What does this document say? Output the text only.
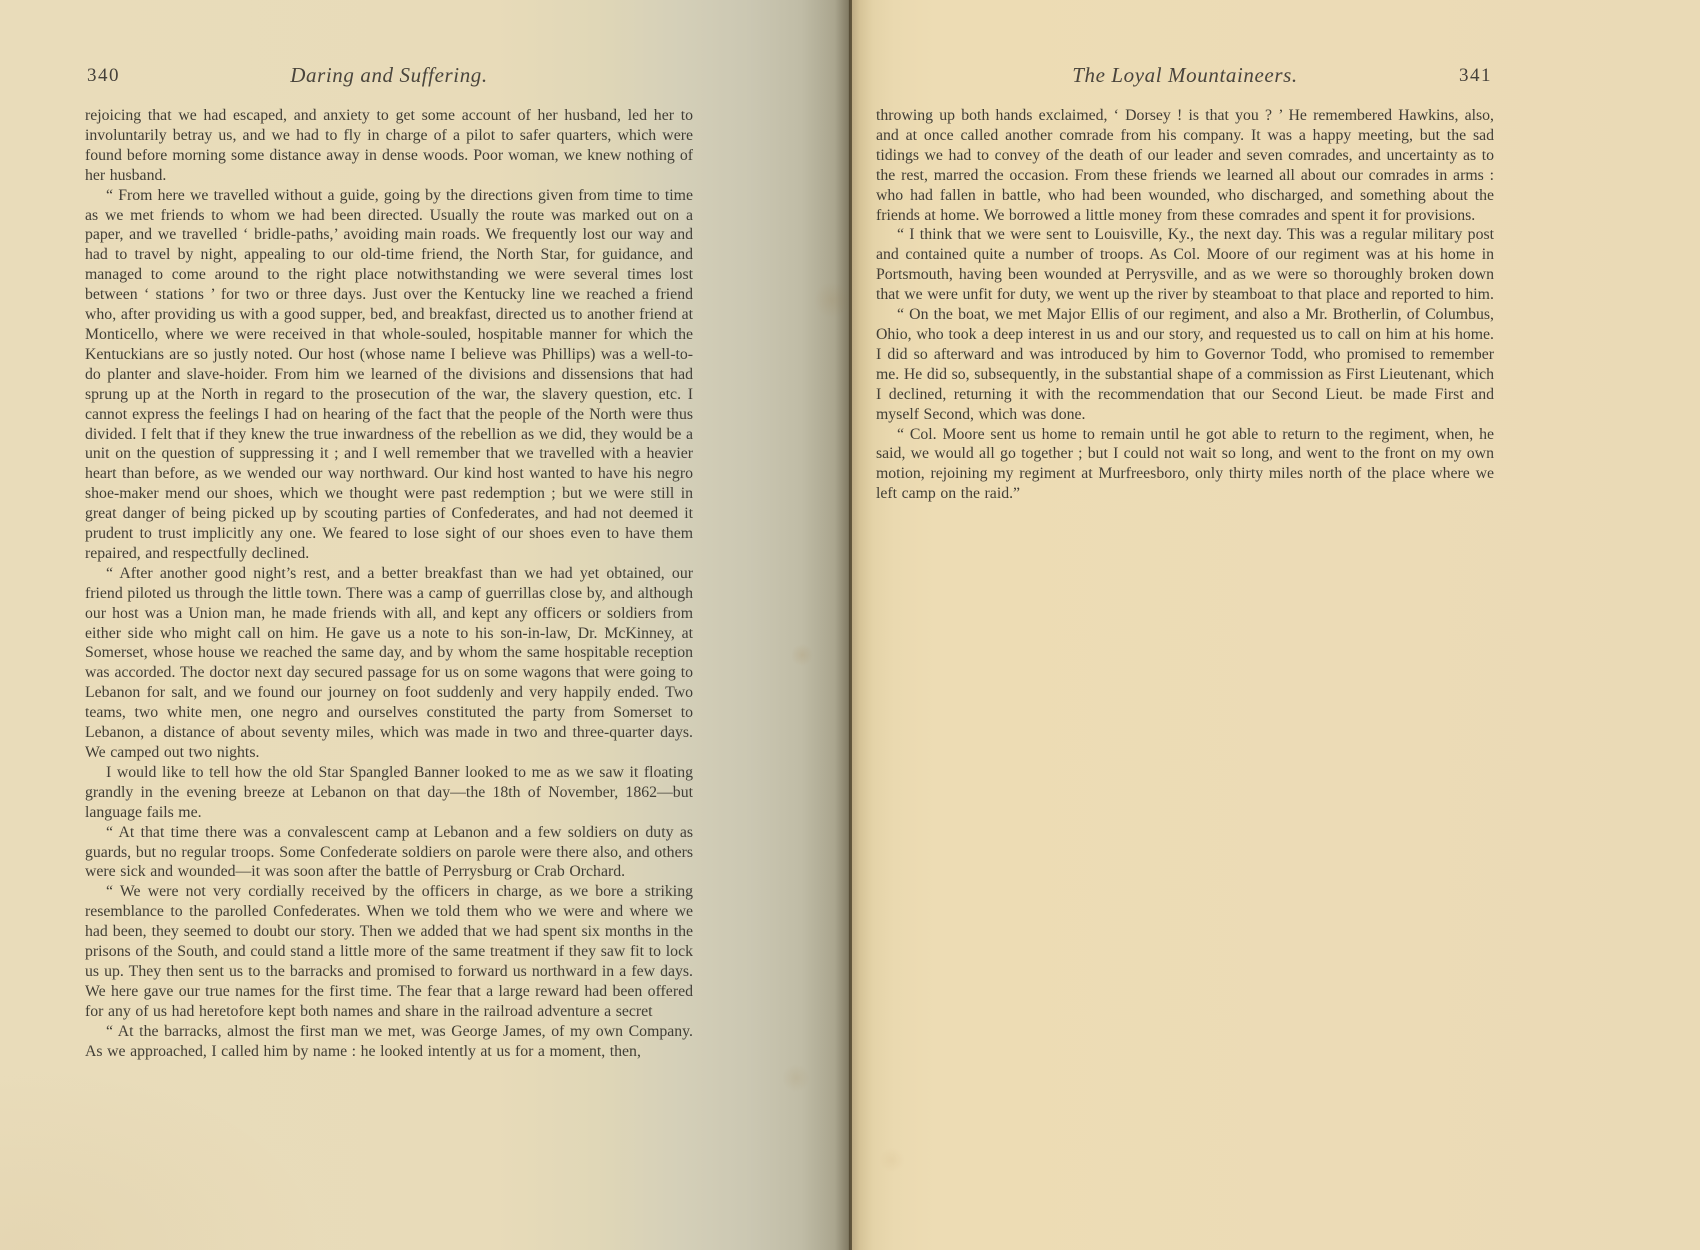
340	Daring and Suffering.

rejoicing that we had escaped, and anxiety to get some account of her husband, led her to involuntarily betray us, and we had to fly in charge of a pilot to safer quarters, which were found before morning some distance away in dense woods. Poor woman, we knew nothing of her husband.

“ From here we travelled without a guide, going by the directions given from time to time as we met friends to whom we had been directed. Usually the route was marked out on a paper, and we travelled ‘ bridle-paths,’ avoiding main roads. We frequently lost our way and had to travel by night, appealing to our old-time friend, the North Star, for guidance, and managed to come around to the right place notwithstanding we were several times lost between ‘ stations ’ for two or three days. Just over the Kentucky line we reached a friend who, after providing us with a good supper, bed, and breakfast, directed us to another friend at Monticello, where we were received in that whole-souled, hospitable manner for which the Kentuckians are so justly noted. Our host (whose name I believe was Phillips) was a well-to-do planter and slave-hoider. From him we learned of the divisions and dissensions that had sprung up at the North in regard to the prosecution of the war, the slavery question, etc. I cannot express the feelings I had on hearing of the fact that the people of the North were thus divided. I felt that if they knew the true inwardness of the rebellion as we did, they would be a unit on the question of suppressing it ; and I well remember that we travelled with a heavier heart than before, as we wended our way northward. Our kind host wanted to have his negro shoe-maker mend our shoes, which we thought were past redemption ; but we were still in great danger of being picked up by scouting parties of Confederates, and had not deemed it prudent to trust implicitly any one. We feared to lose sight of our shoes even to have them repaired, and respectfully declined.

“ After another good night’s rest, and a better breakfast than we had yet obtained, our friend piloted us through the little town. There was a camp of guerrillas close by, and although our host was a Union man, he made friends with all, and kept any officers or soldiers from either side who might call on him. He gave us a note to his son-in-law, Dr. McKinney, at Somerset, whose house we reached the same day, and by whom the same hospitable reception was accorded. The doctor next day secured passage for us on some wagons that were going to Lebanon for salt, and we found our journey on foot suddenly and very happily ended. Two teams, two white men, one negro and ourselves constituted the party from Somerset to Lebanon, a distance of about seventy miles, which was made in two and three-quarter days. We camped out two nights.

I would like to tell how the old Star Spangled Banner looked to me as we saw it floating grandly in the evening breeze at Lebanon on that day—the 18th of November, 1862—but language fails me.

“ At that time there was a convalescent camp at Lebanon and a few soldiers on duty as guards, but no regular troops. Some Confederate soldiers on parole were there also, and others were sick and wounded—it was soon after the battle of Perrysburg or Crab Orchard.

“ We were not very cordially received by the officers in charge, as we bore a striking resemblance to the parolled Confederates. When we told them who we were and where we had been, they seemed to doubt our story. Then we added that we had spent six months in the prisons of the South, and could stand a little more of the same treatment if they saw fit to lock us up. They then sent us to the barracks and promised to forward us northward in a few days. We here gave our true names for the first time. The fear that a large reward had been offered for any of us had heretofore kept both names and share in the railroad adventure a secret

“ At the barracks, almost the first man we met, was George James, of my own Company. As we approached, I called him by name : he looked intently at us for a moment, then,

The Loyal Mountaineers.	341

throwing up both hands exclaimed, ‘ Dorsey ! is that you ? ’ He remembered Hawkins, also, and at once called another comrade from his company. It was a happy meeting, but the sad tidings we had to convey of the death of our leader and seven comrades, and uncertainty as to the rest, marred the occasion. From these friends we learned all about our comrades in arms : who had fallen in battle, who had been wounded, who discharged, and something about the friends at home. We borrowed a little money from these comrades and spent it for provisions.

“ I think that we were sent to Louisville, Ky., the next day. This was a regular military post and contained quite a number of troops. As Col. Moore of our regiment was at his home in Portsmouth, having been wounded at Perrysville, and as we were so thoroughly broken down that we were unfit for duty, we went up the river by steamboat to that place and reported to him.

“ On the boat, we met Major Ellis of our regiment, and also a Mr. Brotherlin, of Columbus, Ohio, who took a deep interest in us and our story, and requested us to call on him at his home. I did so afterward and was introduced by him to Governor Todd, who promised to remember me. He did so, subsequently, in the substantial shape of a commission as First Lieutenant, which I declined, returning it with the recommendation that our Second Lieut. be made First and myself Second, which was done.

“ Col. Moore sent us home to remain until he got able to return to the regiment, when, he said, we would all go together ; but I could not wait so long, and went to the front on my own motion, rejoining my regiment at Murfreesboro, only thirty miles north of the place where we left camp on the raid.”
